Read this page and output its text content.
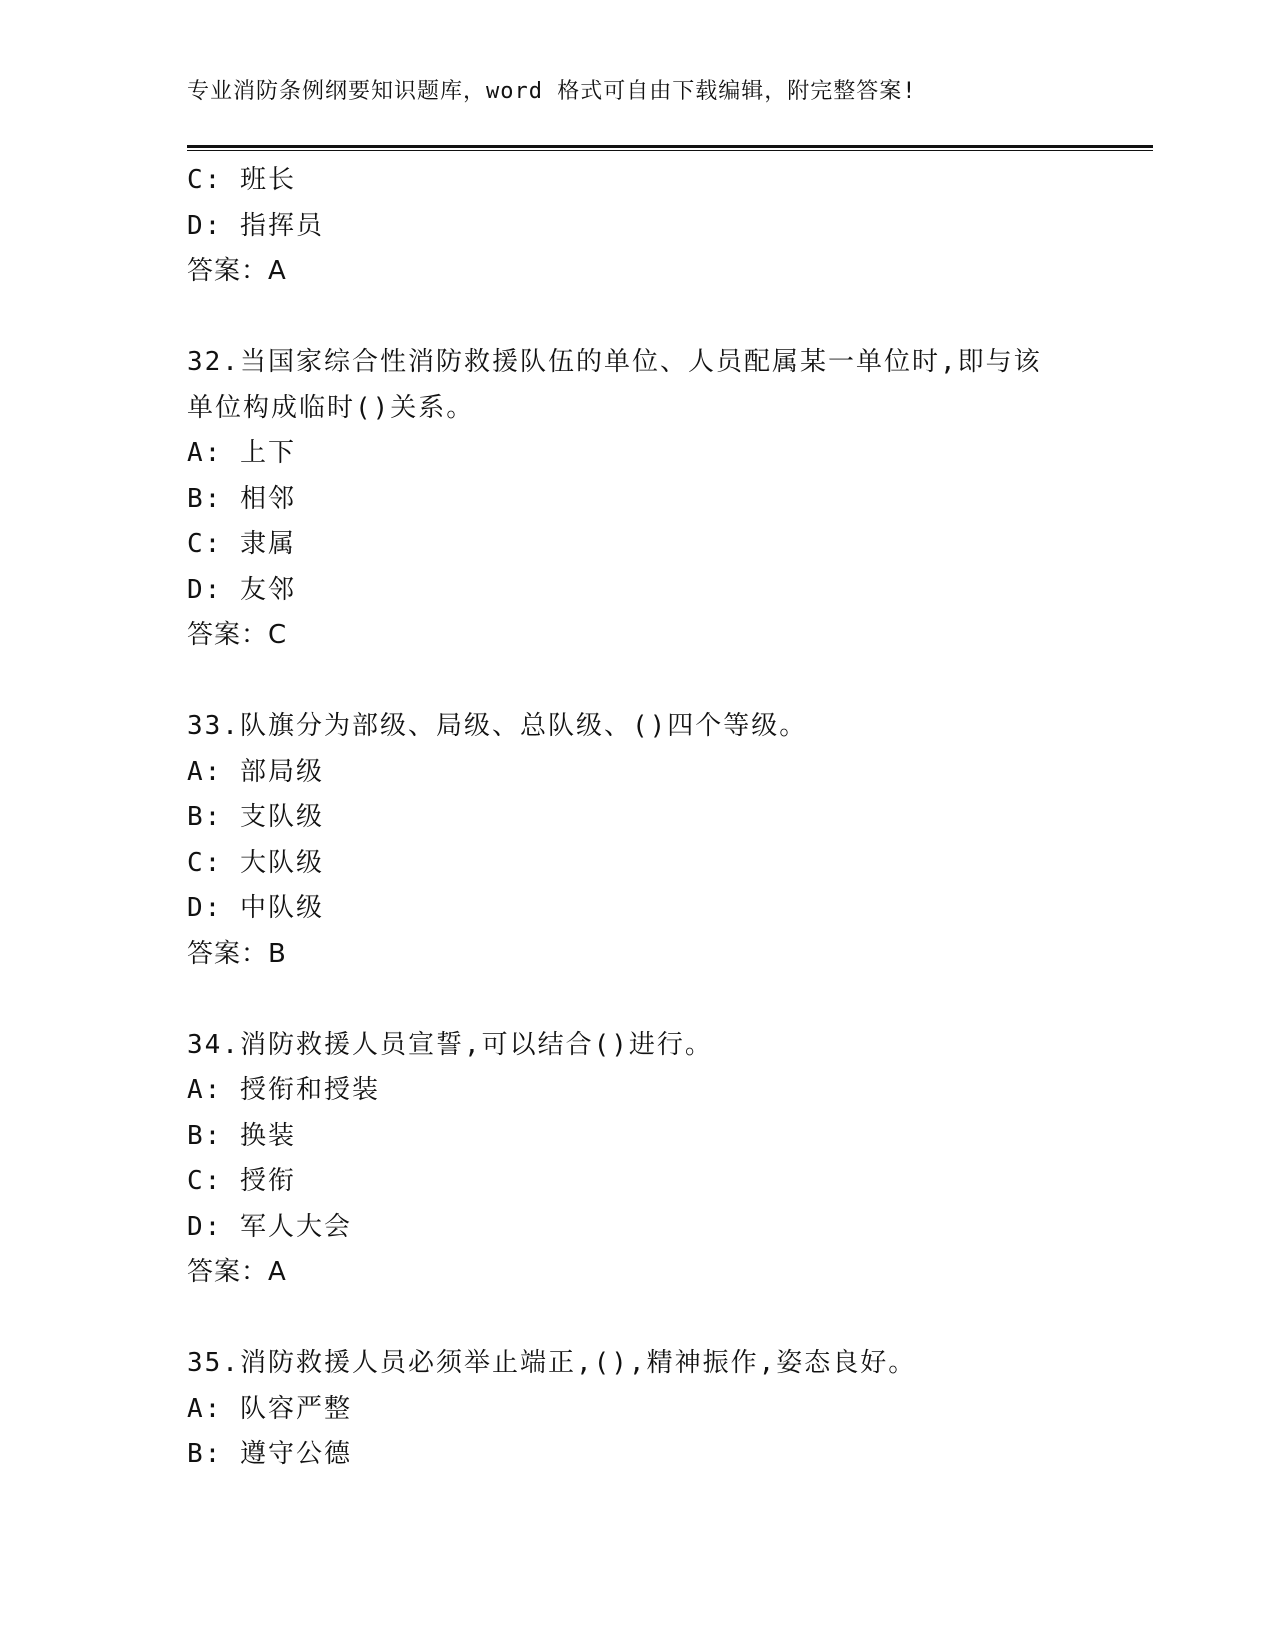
专业消防条例纲要知识题库，word 格式可自由下载编辑，附完整答案!
C: 班长
D: 指挥员
答案：A
32.当国家综合性消防救援队伍的单位、人员配属某一单位时,即与该
单位构成临时()关系。
A: 上下
B: 相邻
C: 隶属
D: 友邻
答案：C
33.队旗分为部级、局级、总队级、()四个等级。
A: 部局级
B: 支队级
C: 大队级
D: 中队级
答案：B
34.消防救援人员宣誓,可以结合()进行。
A: 授衔和授装
B: 换装
C: 授衔
D: 军人大会
答案：A
35.消防救援人员必须举止端正,(),精神振作,姿态良好。
A: 队容严整
B: 遵守公德
